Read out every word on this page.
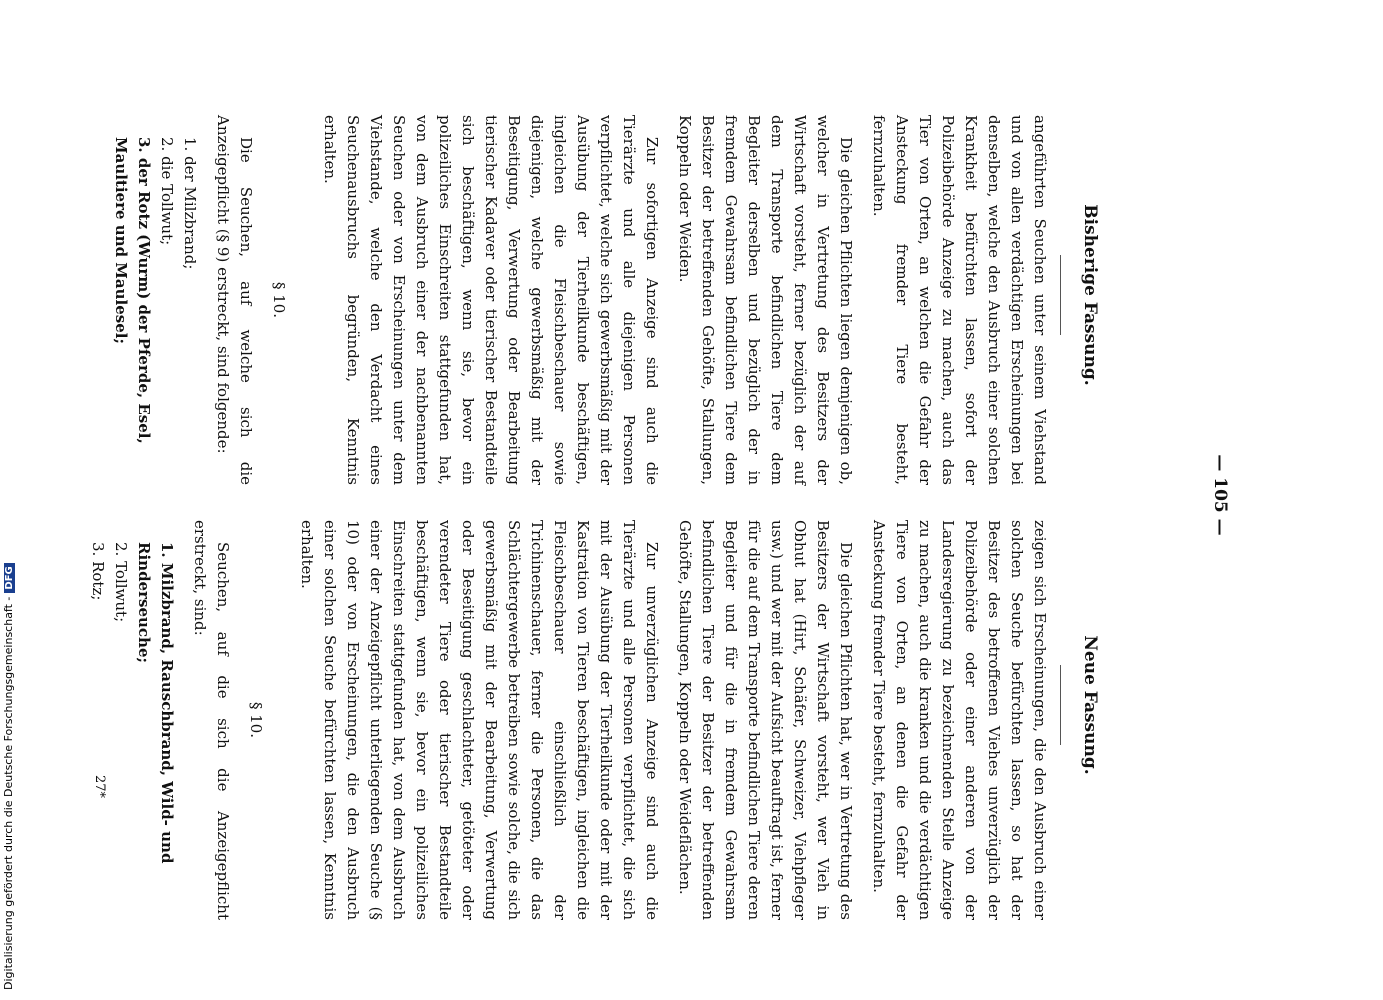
— 105 —
Bisherige Fassung.
Neue Fassung.

angeführten Seuchen unter seinem Viehstand und von allen verdächtigen Erscheinungen bei denselben, welche den Ausbruch einer solchen Krankheit befürchten lassen, sofort der Polizeibehörde Anzeige zu machen, auch das Tier von Orten, an welchen die Gefahr der Ansteckung fremder Tiere besteht, fernzuhalten.

Die gleichen Pflichten liegen demjenigen ob, welcher in Vertretung des Besitzers der Wirtschaft vorsteht, ferner bezüglich der auf dem Transporte befindlichen Tiere dem Begleiter derselben und bezüglich der in fremdem Gewahrsam befindlichen Tiere dem Besitzer der betreffenden Gehöfte, Stallungen, Koppeln oder Weiden.

Zur sofortigen Anzeige sind auch die Tierärzte und alle diejenigen Personen verpflichtet, welche sich gewerbsmäßig mit der Ausübung der Tierheilkunde beschäftigen, ingleichen die Fleischbeschauer sowie diejenigen, welche gewerbsmäßig mit der Beseitigung, Verwertung oder Bearbeitung tierischer Kadaver oder tierischer Bestandteile sich beschäftigen, wenn sie, bevor ein polizeiliches Einschreiten stattgefunden hat, von dem Ausbruch einer der nachbenannten Seuchen oder von Erscheinungen unter dem Viehstande, welche den Verdacht eines Seuchenausbruchs begründen, Kenntnis erhalten.

§ 10.

Die Seuchen, auf welche sich die Anzeigepflicht (§ 9) erstreckt, sind folgende:

1. der Milzbrand;
2. die Tollwut;
3. der Rotz (Wurm) der Pferde, Esel, Maultiere und Maulesel;

zeigen sich Erscheinungen, die den Ausbruch einer solchen Seuche befürchten lassen, so hat der Besitzer des betroffenen Viehes unverzüglich der Polizeibehörde oder einer anderen von der Landesregierung zu bezeichnenden Stelle Anzeige zu machen, auch die kranken und die verdächtigen Tiere von Orten, an denen die Gefahr der Ansteckung fremder Tiere besteht, fernzuhalten.

Die gleichen Pflichten hat, wer in Vertretung des Besitzers der Wirtschaft vorsteht, wer Vieh in Obhut hat (Hirt, Schäfer, Schweizer, Viehpfleger usw.) und wer mit der Aufsicht beauftragt ist, ferner für die auf dem Transporte befindlichen Tiere deren Begleiter und für die in fremdem Gewahrsam befindlichen Tiere der Besitzer der betreffenden Gehöfte, Stallungen, Koppeln oder Weideflächen.

Zur unverzüglichen Anzeige sind auch die Tierärzte und alle Personen verpflichtet, die sich mit der Ausübung der Tierheilkunde oder mit der Kastration von Tieren beschäftigen, ingleichen die Fleischbeschauer einschließlich der Trichinenschauer, ferner die Personen, die das Schlächtergewerbe betreiben sowie solche, die sich gewerbsmäßig mit der Bearbeitung, Verwertung oder Beseitigung geschlachteter, getöteter oder verendeter Tiere oder tierischer Bestandteile beschäftigen, wenn sie, bevor ein polizeiliches Einschreiten stattgefunden hat, von dem Ausbruch einer der Anzeigepflicht unterliegenden Seuche (§ 10) oder von Erscheinungen, die den Ausbruch einer solchen Seuche befürchten lassen, Kenntnis erhalten.

§ 10.

Seuchen, auf die sich die Anzeigepflicht erstreckt, sind:

1. Milzbrand, Rauschbrand, Wild- und Rinderseuche;
2. Tollwut;
3. Rotz;
27*
Digitalisierung gefördert durch die Deutsche Forschungsgemeinschaft -DFG
